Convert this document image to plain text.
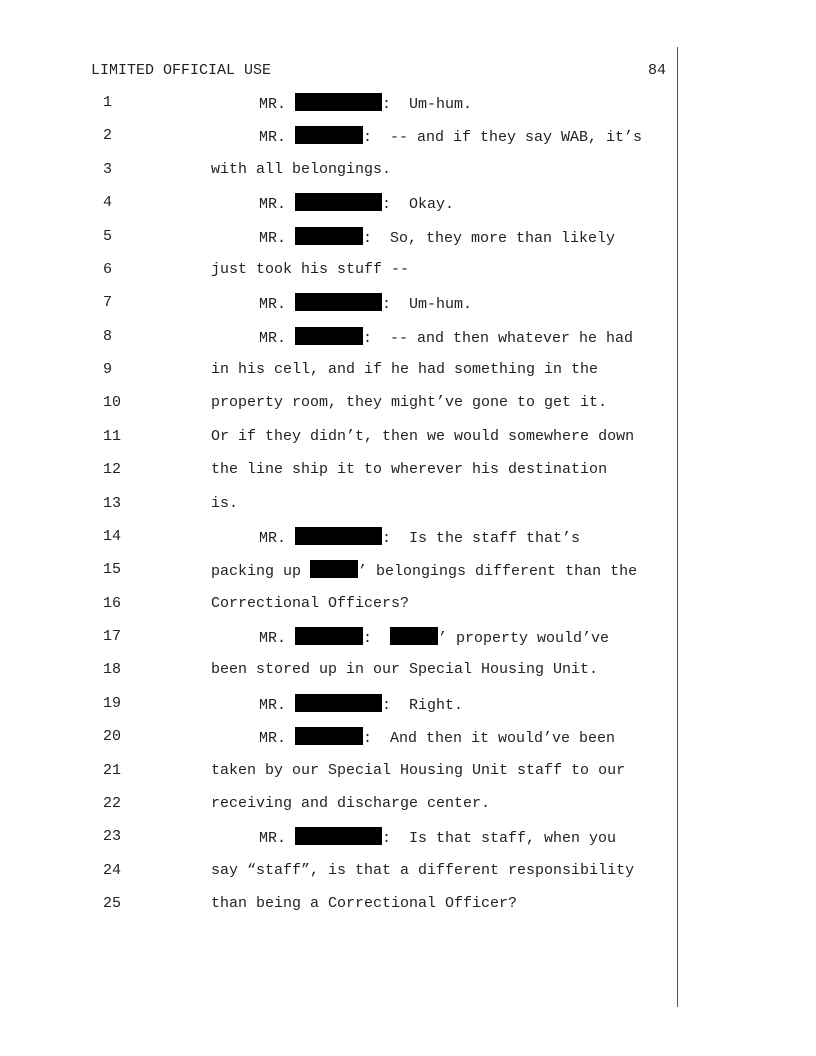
LIMITED OFFICIAL USE	84
1	MR.	:  Um-hum.
2	MR.	:  -- and if they say WAB, it’s
3	with all belongings.
4	MR.	:  Okay.
5	MR.	:  So, they more than likely
6	just took his stuff --
7	MR.	:  Um-hum.
8	MR.	:  -- and then whatever he had
9	in his cell, and if he had something in the
10	property room, they might’ve gone to get it.
11	Or if they didn’t, then we would somewhere down
12	the line ship it to wherever his destination
13	is.
14	MR.	:  Is the staff that’s
15	packing up	’ belongings different than the
16	Correctional Officers?
17	MR.	:	’ property would’ve
18	been stored up in our Special Housing Unit.
19	MR.	:  Right.
20	MR.	:  And then it would’ve been
21	taken by our Special Housing Unit staff to our
22	receiving and discharge center.
23	MR.	:  Is that staff, when you
24	say “staff”, is that a different responsibility
25	than being a Correctional Officer?
